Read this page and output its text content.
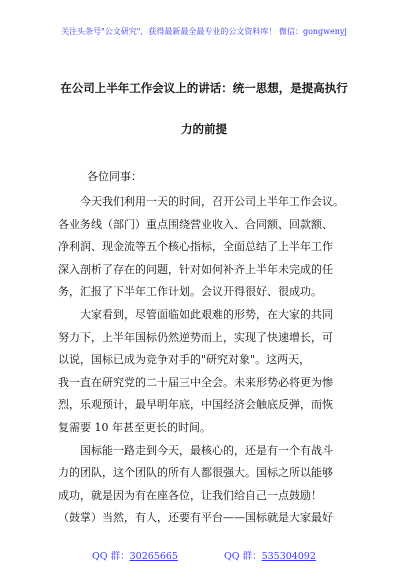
关注头条号"公文研究"，获得最新最全最专业的公文资料库！ 微信：gongwenyj
在公司上半年工作会议上的讲话：统一思想，是提高执行
力的前提
各位同事：
　　今天我们利用一天的时间，召开公司上半年工作会议。
各业务线（部门）重点围绕营业收入、合同额、回款额、
净利润、现金流等五个核心指标，全面总结了上半年工作
深入剖析了存在的问题，针对如何补齐上半年未完成的任
务，汇报了下半年工作计划。会议开得很好、很成功。
　　大家看到，尽管面临如此艰难的形势，在大家的共同
努力下，上半年国标仍然逆势而上，实现了快速增长，可
以说，国标已成为竞争对手的"研究对象"。这两天，
我一直在研究党的二十届三中全会。未来形势必将更为惨
烈，乐观预计，最早明年底，中国经济会触底反弹，而恢
复需要 10 年甚至更长的时间。
　　国标能一路走到今天，最核心的，还是有一个有战斗
力的团队，这个团队的所有人都很强大。国标之所以能够
成功，就是因为有在座各位，让我们给自己一点鼓励！
（鼓掌）当然，有人，还要有平台——国标就是大家最好
QQ 群：30265665	QQ 群：535304092
